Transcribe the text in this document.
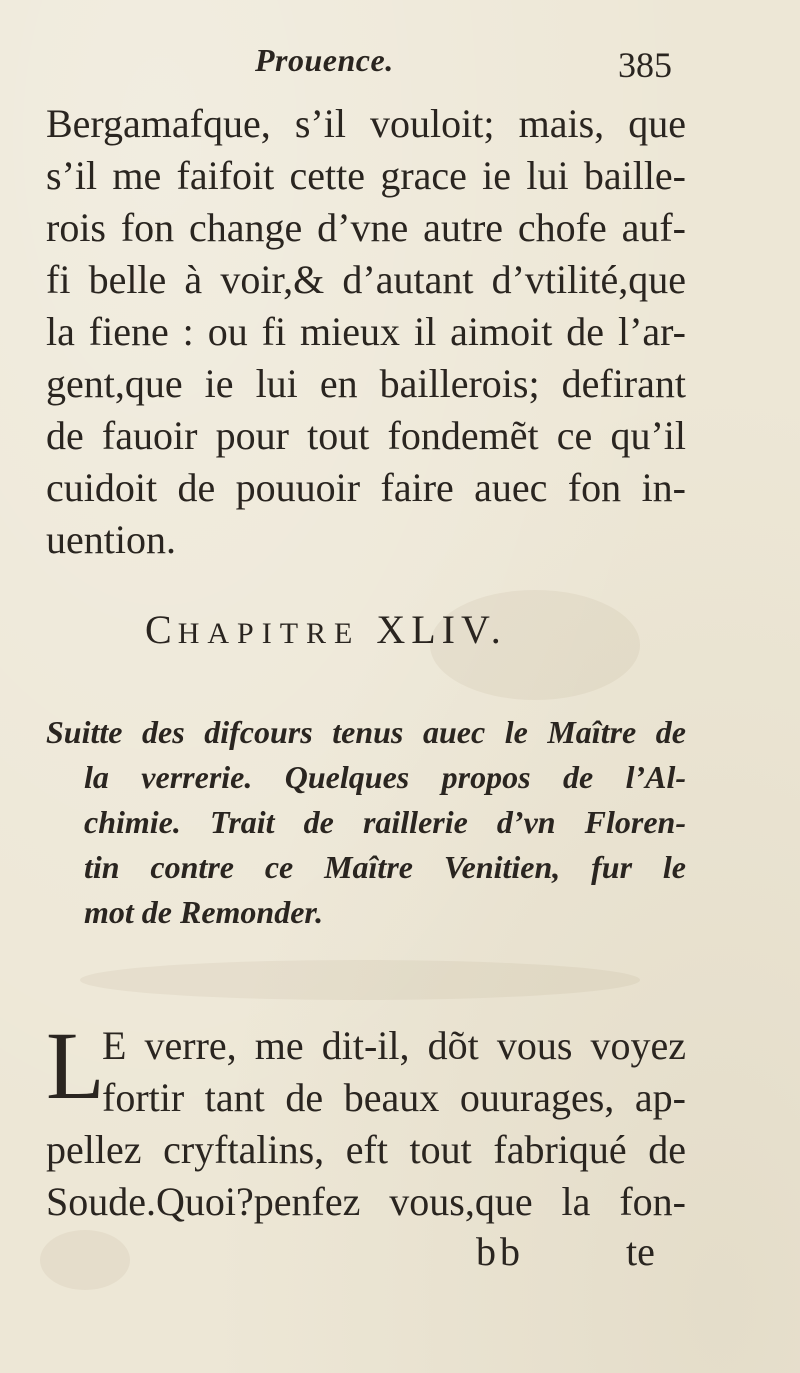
Prouence.	385
Bergamafque, s’il vouloit; mais, que
s’il me faifoit cette grace ie lui baille-
rois fon change d’vne autre chofe auf-
fi belle à voir,& d’autant d’vtilité,que
la fiene : ou fi mieux il aimoit de l’ar-
gent,que ie lui en baillerois; defirant
de fauoir pour tout fondemẽt ce qu’il
cuidoit de pouuoir faire auec fon in-
uention.
CHAPITRE XLIV.
Suitte des difcours tenus auec le Maître de
la verrerie. Quelques propos de l’Al-
chimie. Trait de raillerie d’vn Floren-
tin contre ce Maître Venitien, fur le
mot de Remonder.
L
E verre, me dit-il, dõt vous voyez
fortir tant de beaux ouurages, ap-
pellez cryftalins, eft tout fabriqué de
Soude.Quoi?penfez vous,que la fon-
bb	te
